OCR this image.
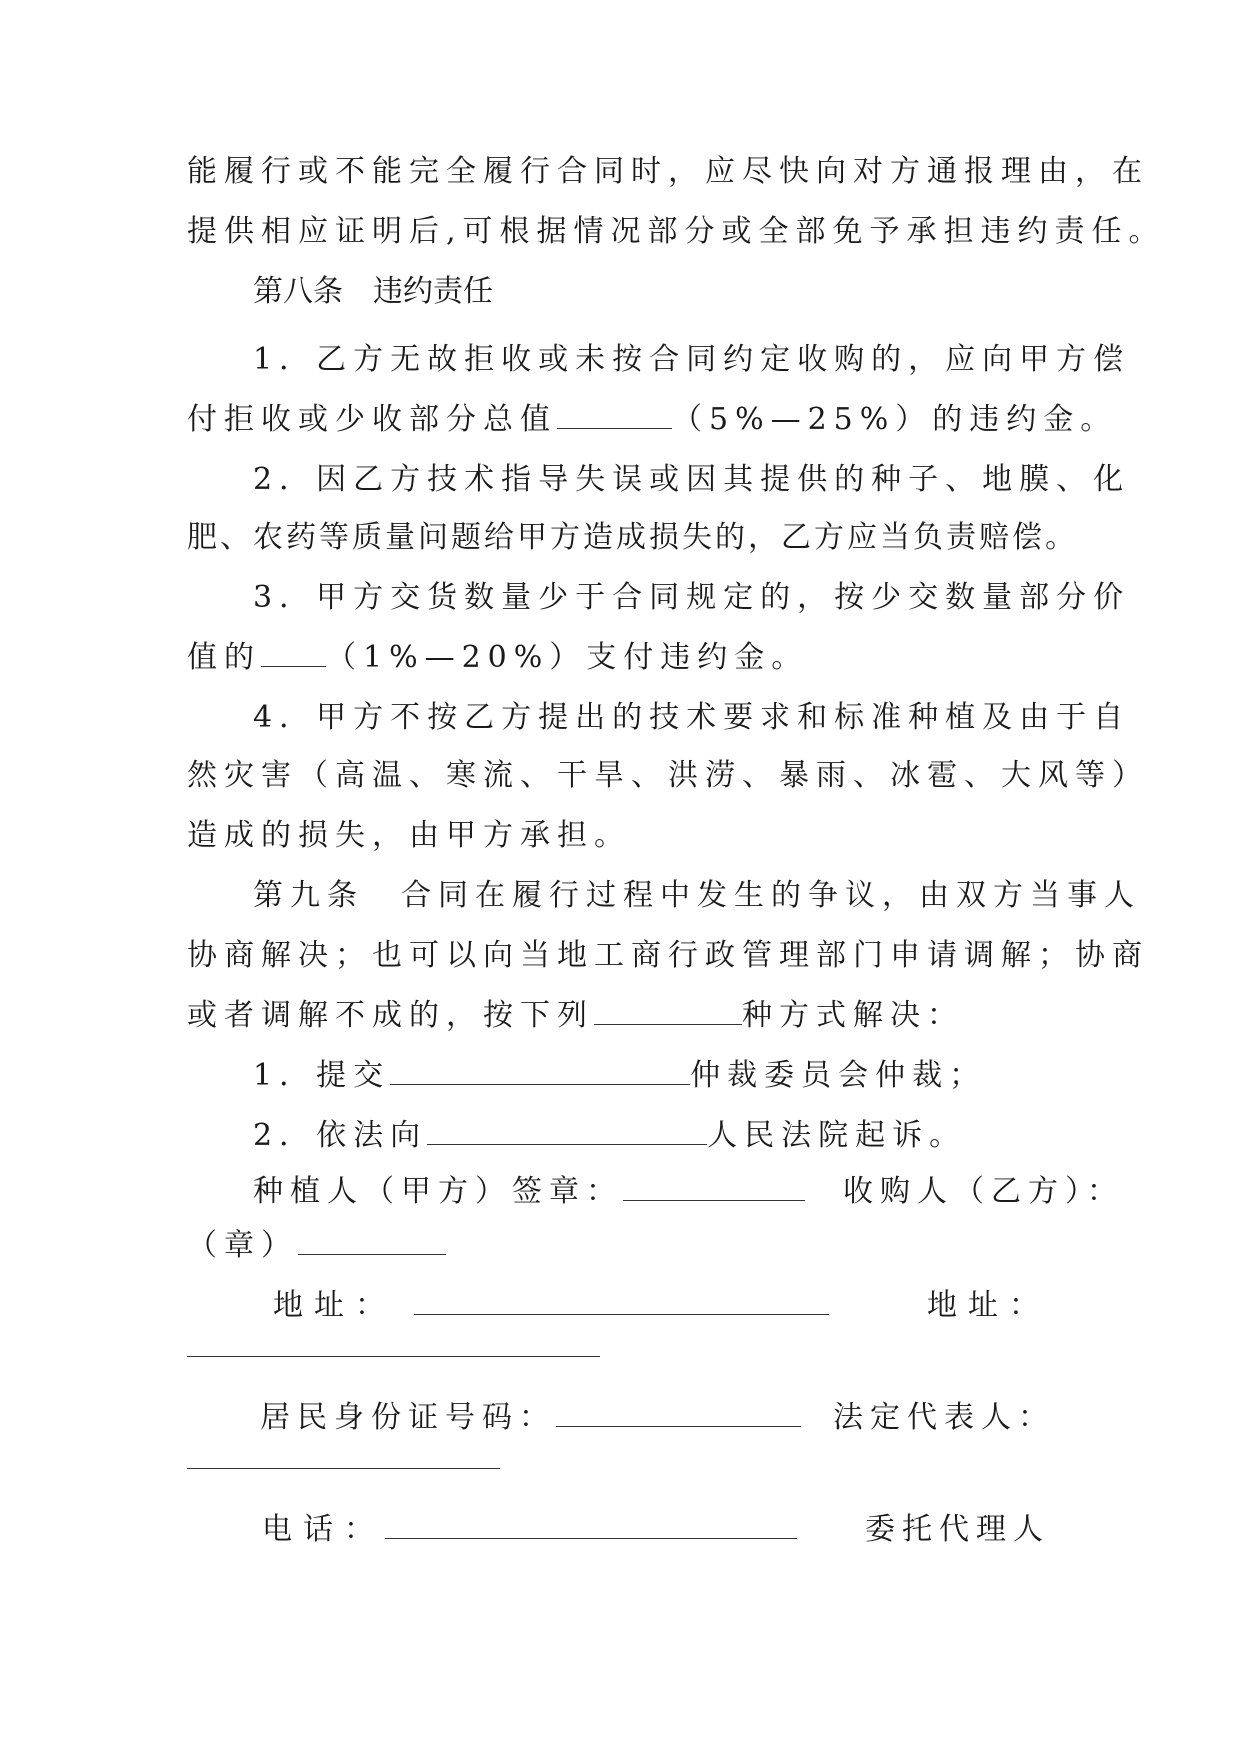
能履行或不能完全履行合同时，应尽快向对方通报理由，在
提供相应证明后,可根据情况部分或全部免予承担违约责任。
第八条　违约责任
1．乙方无故拒收或未按合同约定收购的，应向甲方偿
付拒收或少收部分总值	（5%—25%）的违约金。
2．因乙方技术指导失误或因其提供的种子、地膜、化
肥、农药等质量问题给甲方造成损失的，乙方应当负责赔偿。
3．甲方交货数量少于合同规定的，按少交数量部分价
值的 （1%—20%）支付违约金。
4．甲方不按乙方提出的技术要求和标准种植及由于自
然灾害（高温、寒流、干旱、洪涝、暴雨、冰雹、大风等）
造成的损失，由甲方承担。
第九条　合同在履行过程中发生的争议，由双方当事人
协商解决；也可以向当地工商行政管理部门申请调解；协商
或者调解不成的，按下列	种方式解决：
1．提交	仲裁委员会仲裁；
2．依法向	人民法院起诉。
种植人（甲方）签章：	收购人（乙方）：
（章）
地址：	地址：
居民身份证号码：	法定代表人：
电话：	委托代理人
